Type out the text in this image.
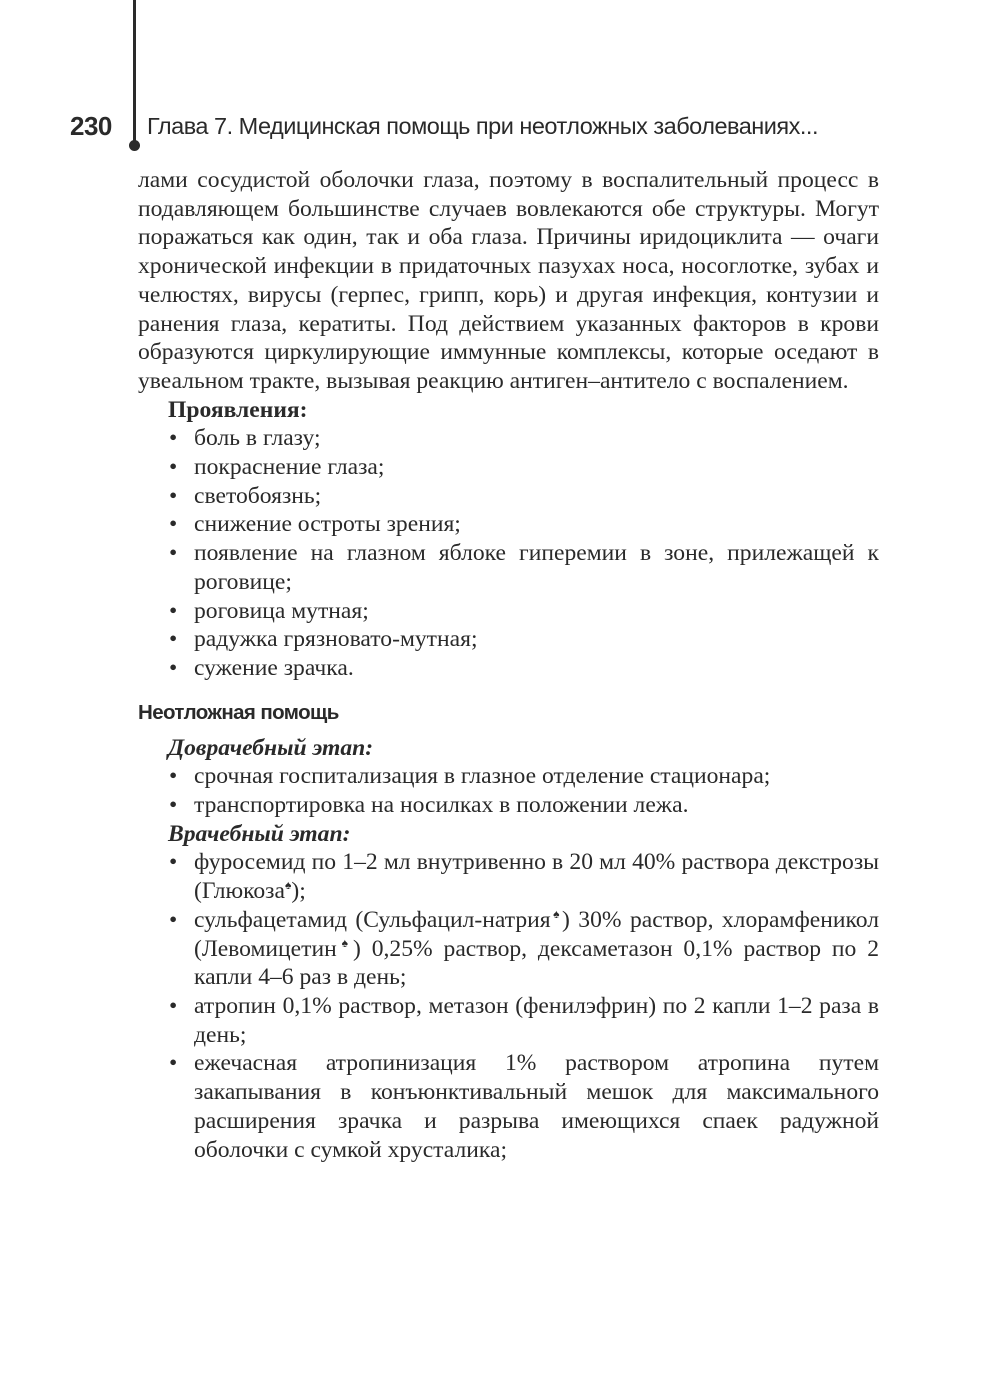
230 Глава 7. Медицинская помощь при неотложных заболеваниях...

лами сосудистой оболочки глаза, поэтому в воспалительный процесс в подавляющем большинстве случаев вовлекаются обе структуры. Могут поражаться как один, так и оба глаза. Причины иридоциклита — очаги хронической инфекции в придаточных пазухах носа, носоглотке, зубах и челюстях, вирусы (герпес, грипп, корь) и другая инфекция, контузии и ранения глаза, кератиты. Под действием указанных факторов в крови образуются циркулирующие иммунные комплексы, которые оседают в увеальном тракте, вызывая реакцию антиген–антитело с воспалением.

Проявления:
• боль в глазу;
• покраснение глаза;
• светобоязнь;
• снижение остроты зрения;
• появление на глазном яблоке гиперемии в зоне, прилежащей к роговице;
• роговица мутная;
• радужка грязновато-мутная;
• сужение зрачка.
Неотложная помощь
Доврачебный этап:
• срочная госпитализация в глазное отделение стационара;
• транспортировка на носилках в положении лежа.
Врачебный этап:
• фуросемид по 1–2 мл внутривенно в 20 мл 40% раствора декстрозы (Глюкоза♠);
• сульфацетамид (Сульфацил-натрия♠) 30% раствор, хлорамфеникол (Левомицетин♠) 0,25% раствор, дексаметазон 0,1% раствор по 2 капли 4–6 раз в день;
• атропин 0,1% раствор, метазон (фенилэфрин) по 2 капли 1–2 раза в день;
• ежечасная атропинизация 1% раствором атропина путем закапывания в конъюнктивальный мешок для максимального расширения зрачка и разрыва имеющихся спаек радужной оболочки с сумкой хрусталика;
